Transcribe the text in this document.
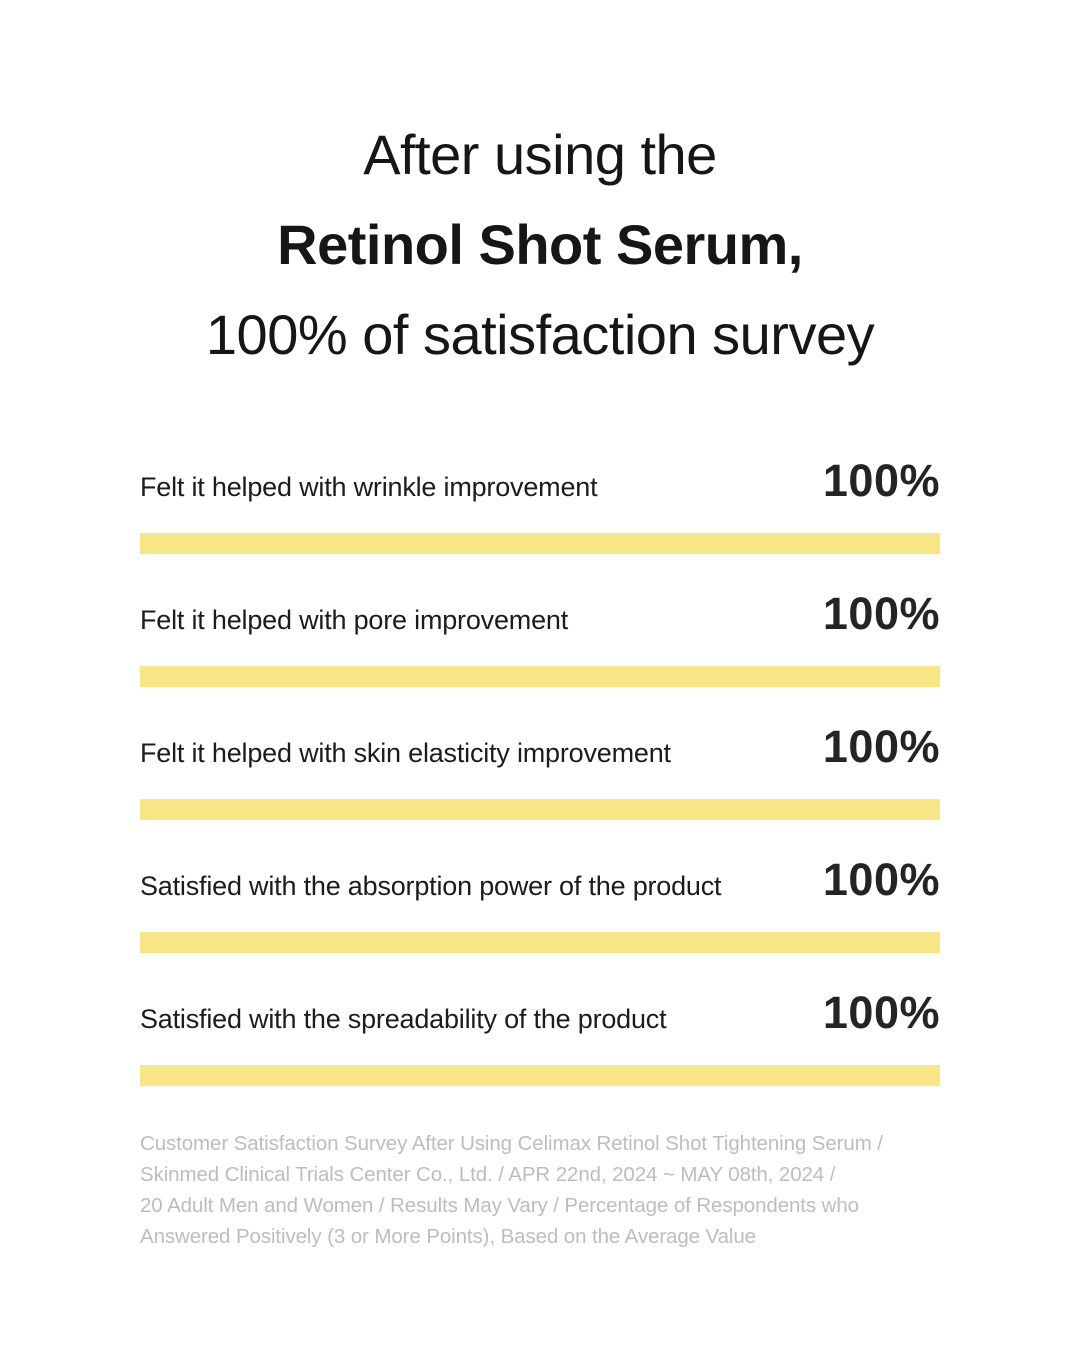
After using the
Retinol Shot Serum,
100% of satisfaction survey
Felt it helped with wrinkle improvement	100%
Felt it helped with pore improvement	100%
Felt it helped with skin elasticity improvement	100%
Satisfied with the absorption power of the product 100%
Satisfied with the spreadability of the product	100%
Customer Satisfaction Survey After Using Celimax Retinol Shot Tightening Serum /
Skinmed Clinical Trials Center Co., Ltd. / APR 22nd, 2024 ~ MAY 08th, 2024 /
20 Adult Men and Women / Results May Vary / Percentage of Respondents who
Answered Positively (3 or More Points), Based on the Average Value
